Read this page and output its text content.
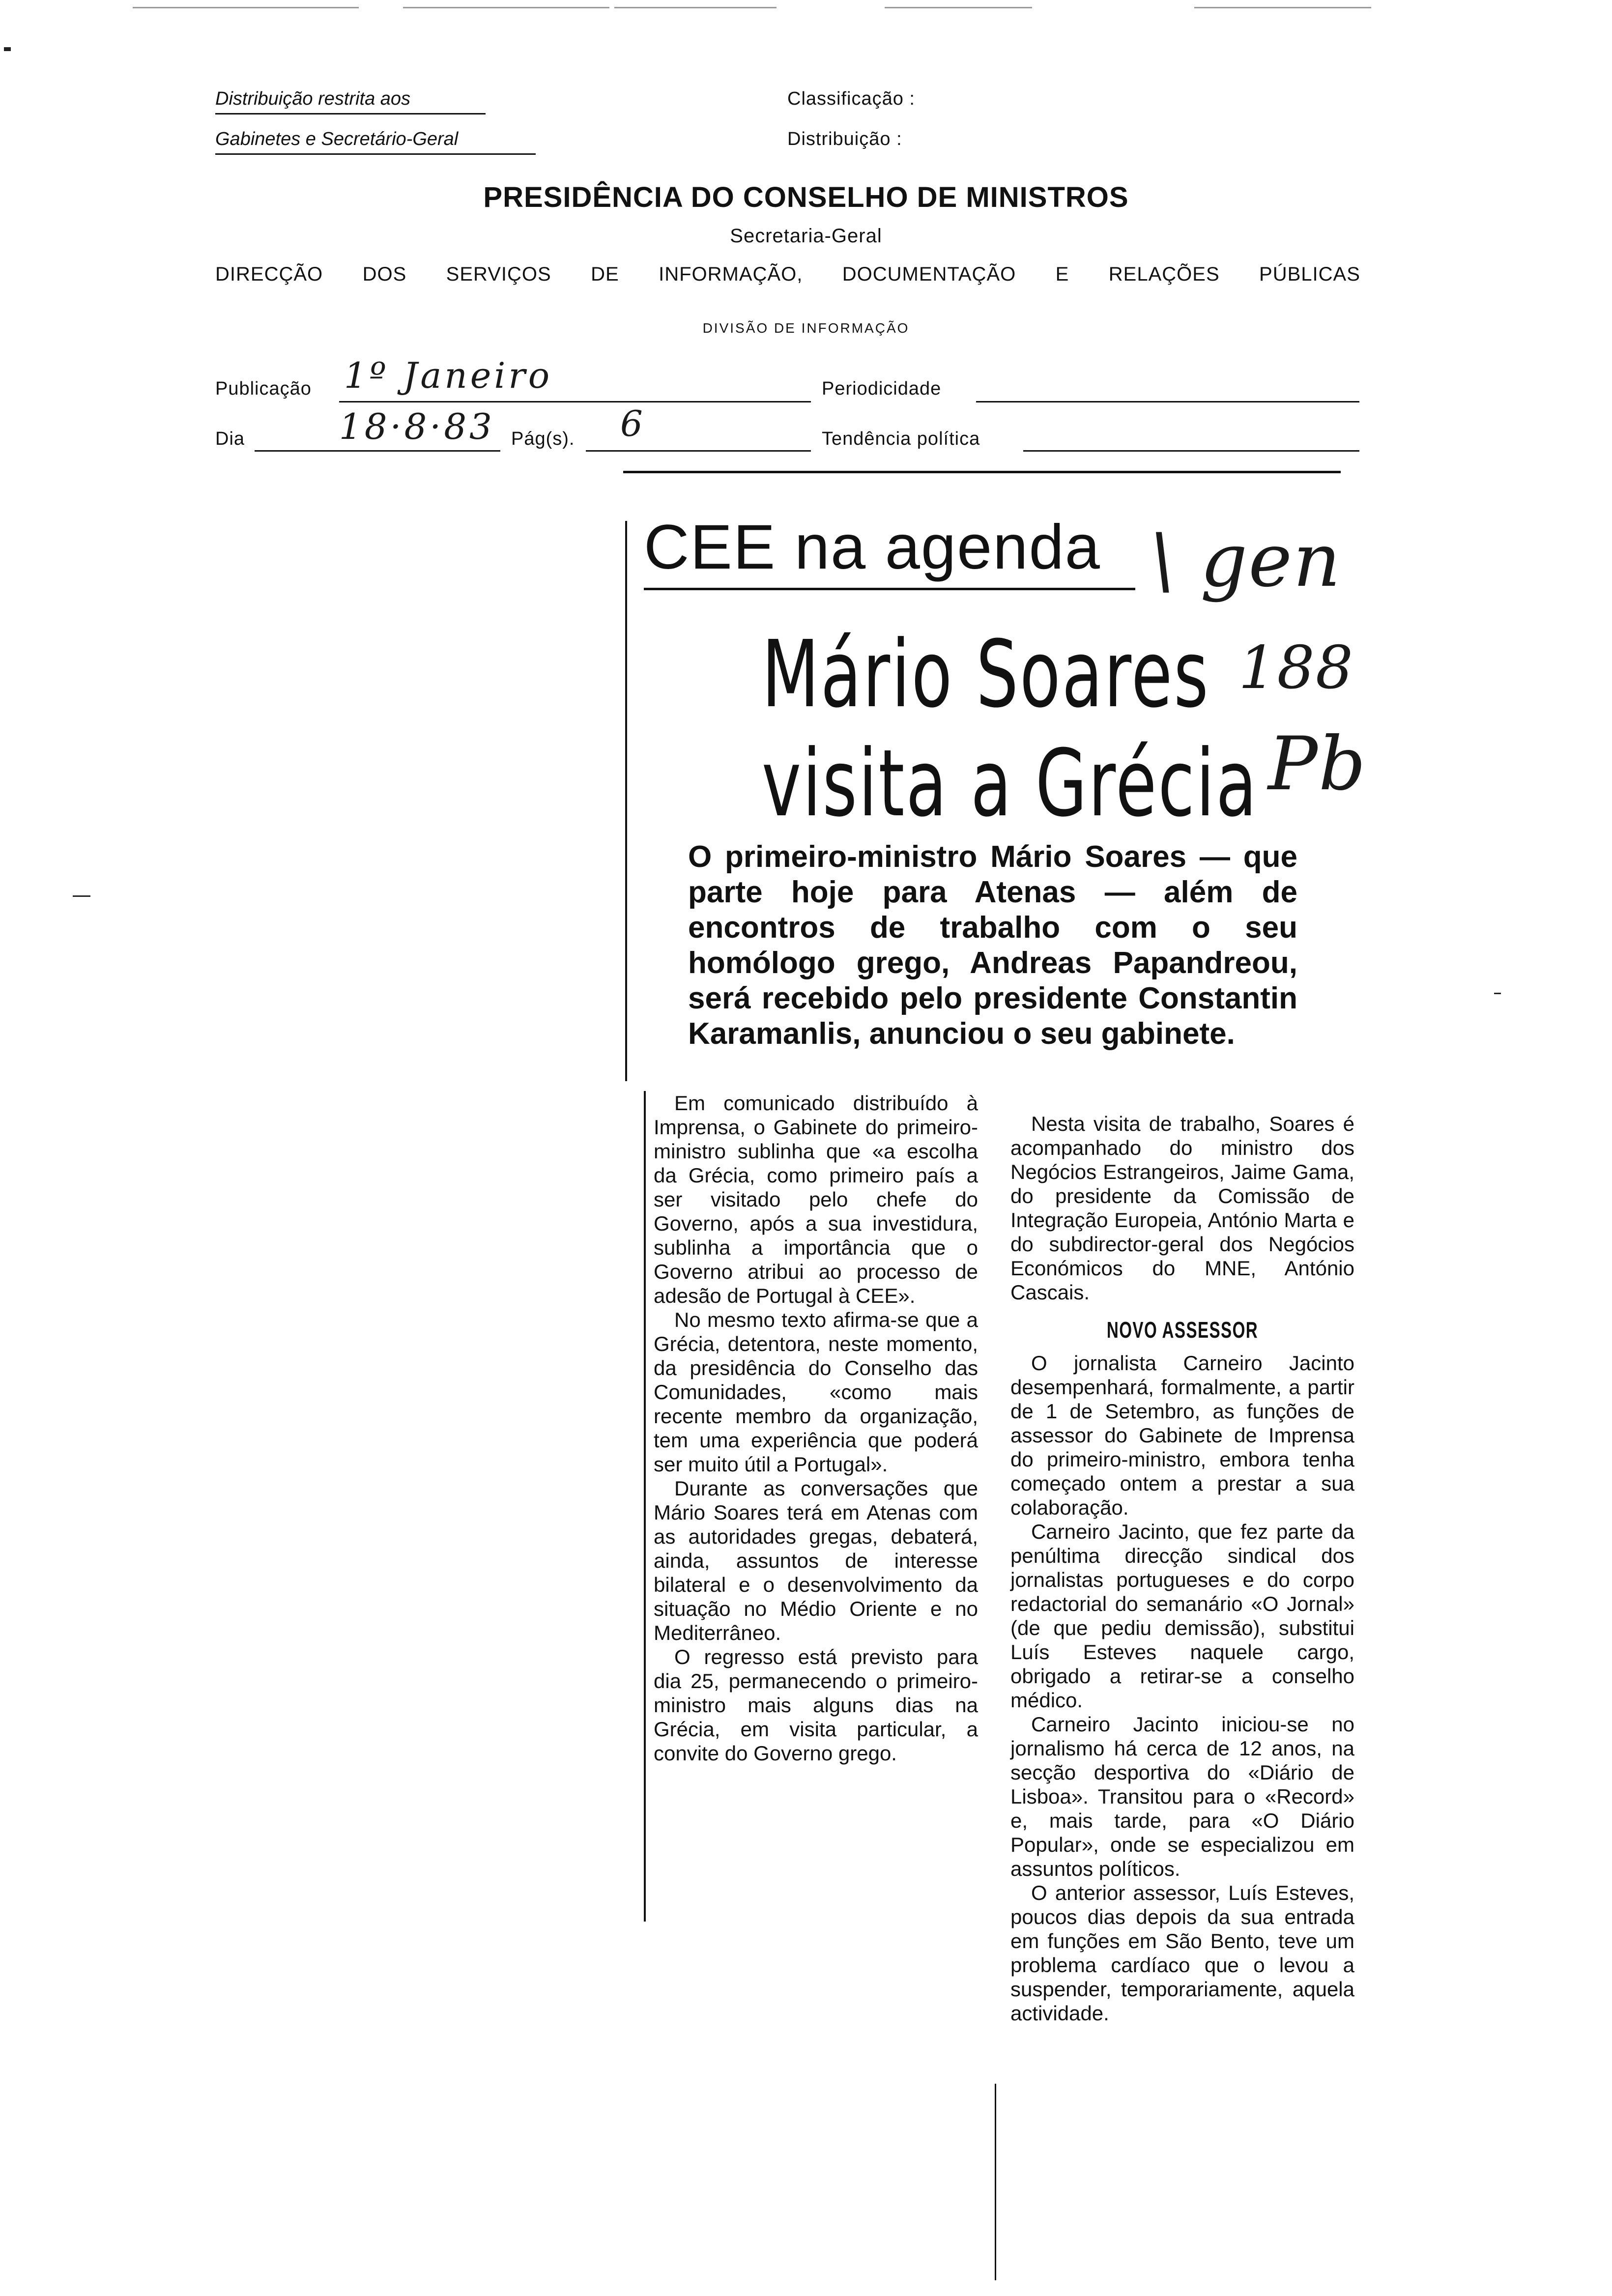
Distribuição restrita aos
Gabinetes e Secretário-Geral
Classificação :
Distribuição :
PRESIDÊNCIA DO CONSELHO DE MINISTROS
Secretaria-Geral
DIRECÇÃO DOS SERVIÇOS DE INFORMAÇÃO, DOCUMENTAÇÃO E RELAÇÕES PÚBLICAS
DIVISÃO DE INFORMAÇÃO
Publicação 1º Janeiro	Periodicidade
Dia	18·8·83 Pág(s). 6	Tendência política
CEE na agenda
Mário Soares
visita a Grécia
\ gen
188
Pb
O primeiro-ministro Mário Soares — que parte hoje para Atenas — além de encontros de trabalho com o seu homólogo grego, Andreas Papandreou, será recebido pelo presidente Constantin Karamanlis, anunciou o seu gabinete.

Em comunicado distribuído à Imprensa, o Gabinete do primeiro-ministro sublinha que «a escolha da Grécia, como primeiro país a ser visitado pelo chefe do Governo, após a sua investidura, sublinha a importância que o Governo atribui ao processo de adesão de Portugal à CEE».

No mesmo texto afirma-se que a Grécia, detentora, neste momento, da presidência do Conselho das Comunidades, «como mais recente membro da organização, tem uma experiência que poderá ser muito útil a Portugal».

Durante as conversações que Mário Soares terá em Atenas com as autoridades gregas, debaterá, ainda, assuntos de interesse bilateral e o desenvolvimento da situação no Médio Oriente e no Mediterrâneo.

O regresso está previsto para dia 25, permanecendo o primeiro-ministro mais alguns dias na Grécia, em visita particular, a convite do Governo grego.

Nesta visita de trabalho, Soares é acompanhado do ministro dos Negócios Estrangeiros, Jaime Gama, do presidente da Comissão de Integração Europeia, António Marta e do subdirector-geral dos Negócios Económicos do MNE, António Cascais.

NOVO ASSESSOR

O jornalista Carneiro Jacinto desempenhará, formalmente, a partir de 1 de Setembro, as funções de assessor do Gabinete de Imprensa do primeiro-ministro, embora tenha começado ontem a prestar a sua colaboração.

Carneiro Jacinto, que fez parte da penúltima direcção sindical dos jornalistas portugueses e do corpo redactorial do semanário «O Jornal» (de que pediu demissão), substitui Luís Esteves naquele cargo, obrigado a retirar-se a conselho médico.

Carneiro Jacinto iniciou-se no jornalismo há cerca de 12 anos, na secção desportiva do «Diário de Lisboa». Transitou para o «Record» e, mais tarde, para «O Diário Popular», onde se especializou em assuntos políticos.

O anterior assessor, Luís Esteves, poucos dias depois da sua entrada em funções em São Bento, teve um problema cardíaco que o levou a suspender, temporariamente, aquela actividade.
